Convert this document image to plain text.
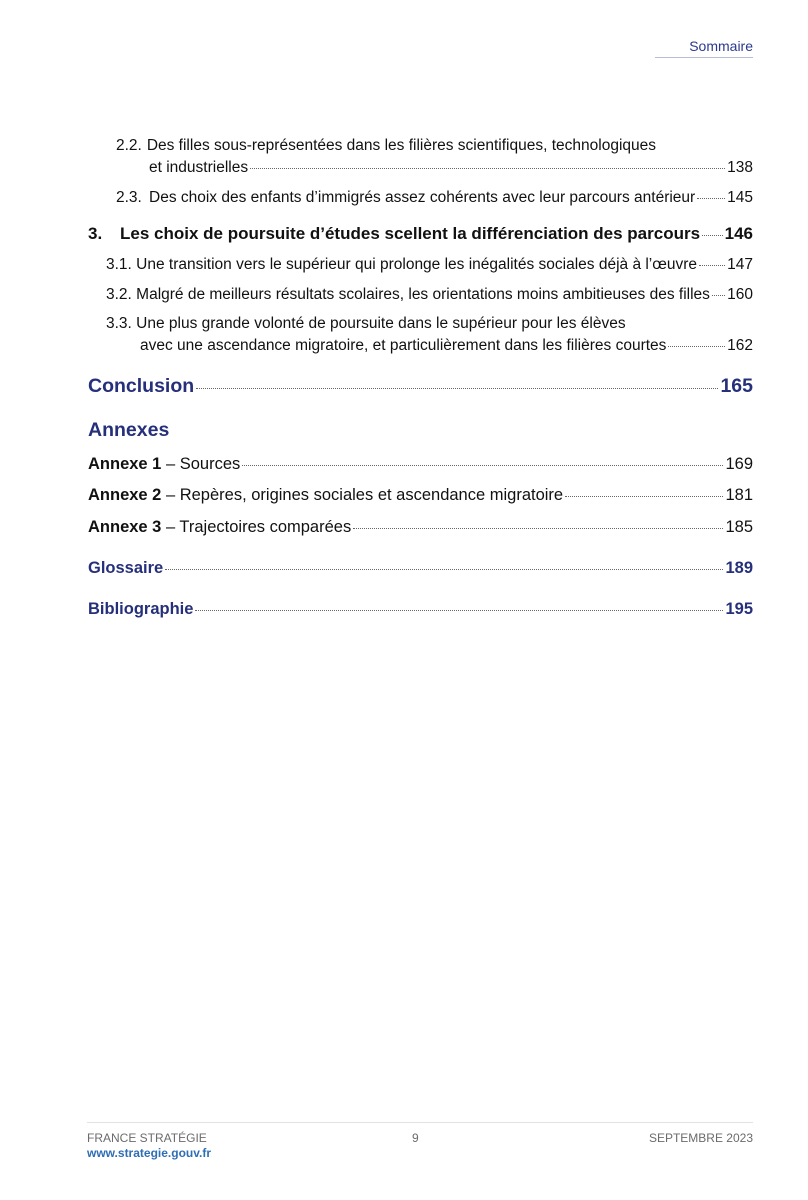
Sommaire
2.2. Des filles sous-représentées dans les filières scientifiques, technologiques
et industrielles	138
2.3. Des choix des enfants d’immigrés assez cohérents avec leur parcours antérieur 145
3.	Les choix de poursuite d’études scellent la différenciation des parcours 146
3.1. Une transition vers le supérieur qui prolonge les inégalités sociales déjà à l’œuvre 147
3.2. Malgré de meilleurs résultats scolaires, les orientations moins ambitieuses des filles 160
3.3. Une plus grande volonté de poursuite dans le supérieur pour les élèves
avec une ascendance migratoire, et particulièrement dans les filières courtes	162
Conclusion	165
Annexes
Annexe 1 – Sources	169
Annexe 2 – Repères, origines sociales et ascendance migratoire	181
Annexe 3 – Trajectoires comparées	185
Glossaire	189
Bibliographie	195
FRANCE STRATÉGIE
www.strategie.gouv.fr
9	SEPTEMBRE 2023
